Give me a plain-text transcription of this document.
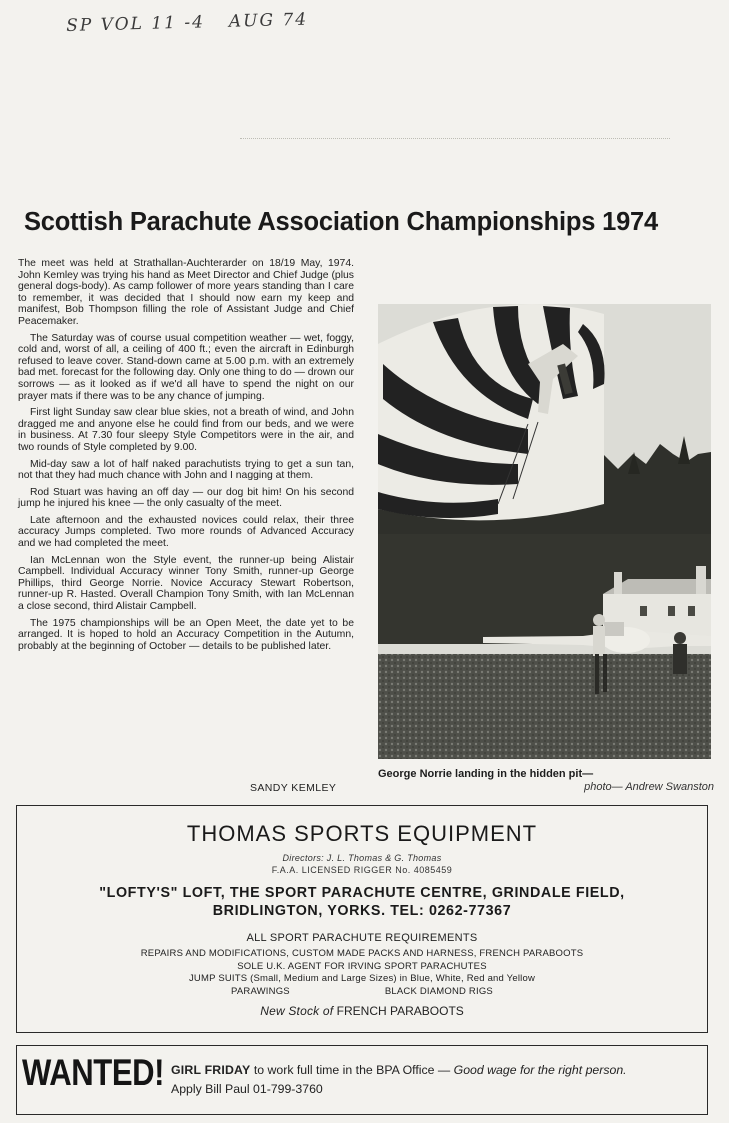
SP VOL 11 -4 AUG 74
Scottish Parachute Association Championships 1974

The meet was held at Strathallan-Auchterarder on 18/19 May, 1974. John Kemley was trying his hand as Meet Director and Chief Judge (plus general dogs-body). As camp follower of more years standing than I care to remember, it was decided that I should now earn my keep and manifest, Bob Thompson filling the role of Assistant Judge and Chief Peacemaker.

The Saturday was of course usual competition weather — wet, foggy, cold and, worst of all, a ceiling of 400 ft.; even the aircraft in Edinburgh refused to leave cover. Stand-down came at 5.00 p.m. with an extremely bad met. forecast for the following day. Only one thing to do — drown our sorrows — as it looked as if we'd all have to spend the night on our prayer mats if there was to be any chance of jumping.

First light Sunday saw clear blue skies, not a breath of wind, and John dragged me and anyone else he could find from our beds, and we were in business. At 7.30 four sleepy Style Competitors were in the air, and two rounds of Style completed by 9.00.

Mid-day saw a lot of half naked parachutists trying to get a sun tan, not that they had much chance with John and I nagging at them.

Rod Stuart was having an off day — our dog bit him! On his second jump he injured his knee — the only casualty of the meet.

Late afternoon and the exhausted novices could relax, their three accuracy Jumps completed. Two more rounds of Advanced Accuracy and we had completed the meet.

Ian McLennan won the Style event, the runner-up being Alistair Campbell. Individual Accuracy winner Tony Smith, runner-up George Phillips, third George Norrie. Novice Accuracy Stewart Robertson, runner-up R. Hasted. Overall Champion Tony Smith, with Ian McLennan a close second, third Alistair Campbell.

The 1975 championships will be an Open Meet, the date yet to be arranged. It is hoped to hold an Accuracy Competition in the Autumn, probably at the beginning of October — details to be published later.

SANDY KEMLEY
George Norrie landing in the hidden pit—
photo— Andrew Swanston
THOMAS SPORTS EQUIPMENT
Directors: J. L. Thomas & G. Thomas
F.A.A. LICENSED RIGGER No. 4085459
"LOFTY'S" LOFT, THE SPORT PARACHUTE CENTRE, GRINDALE FIELD,
BRIDLINGTON, YORKS. TEL: 0262-77367
ALL SPORT PARACHUTE REQUIREMENTS
REPAIRS AND MODIFICATIONS, CUSTOM MADE PACKS AND HARNESS, FRENCH PARABOOTS
SOLE U.K. AGENT FOR IRVING SPORT PARACHUTES
JUMP SUITS (Small, Medium and Large Sizes) in Blue, White, Red and Yellow
PARAWINGS	BLACK DIAMOND RIGS
New Stock of FRENCH PARABOOTS
WANTED! GIRL FRIDAY to work full time in the BPA Office — Good wage for the right person.
Apply Bill Paul 01-799-3760
